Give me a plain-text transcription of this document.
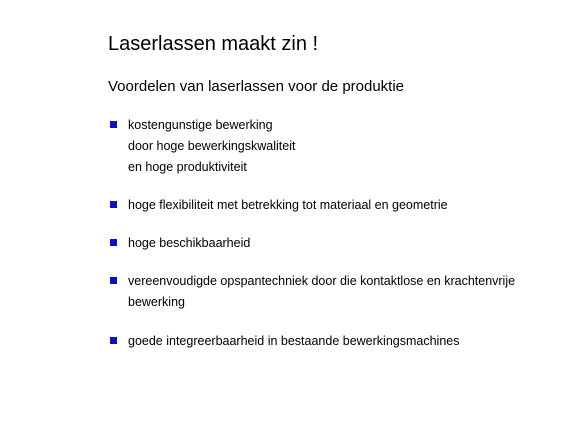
Laserlassen maakt zin !
Voordelen van laserlassen voor de produktie
kostengunstige bewerking
door hoge bewerkingskwaliteit
en hoge produktiviteit
hoge flexibiliteit met betrekking tot materiaal en geometrie
hoge beschikbaarheid
vereenvoudigde opspantechniek door die kontaktlose en krachtenvrije
bewerking
goede integreerbaarheid in bestaande bewerkingsmachines
